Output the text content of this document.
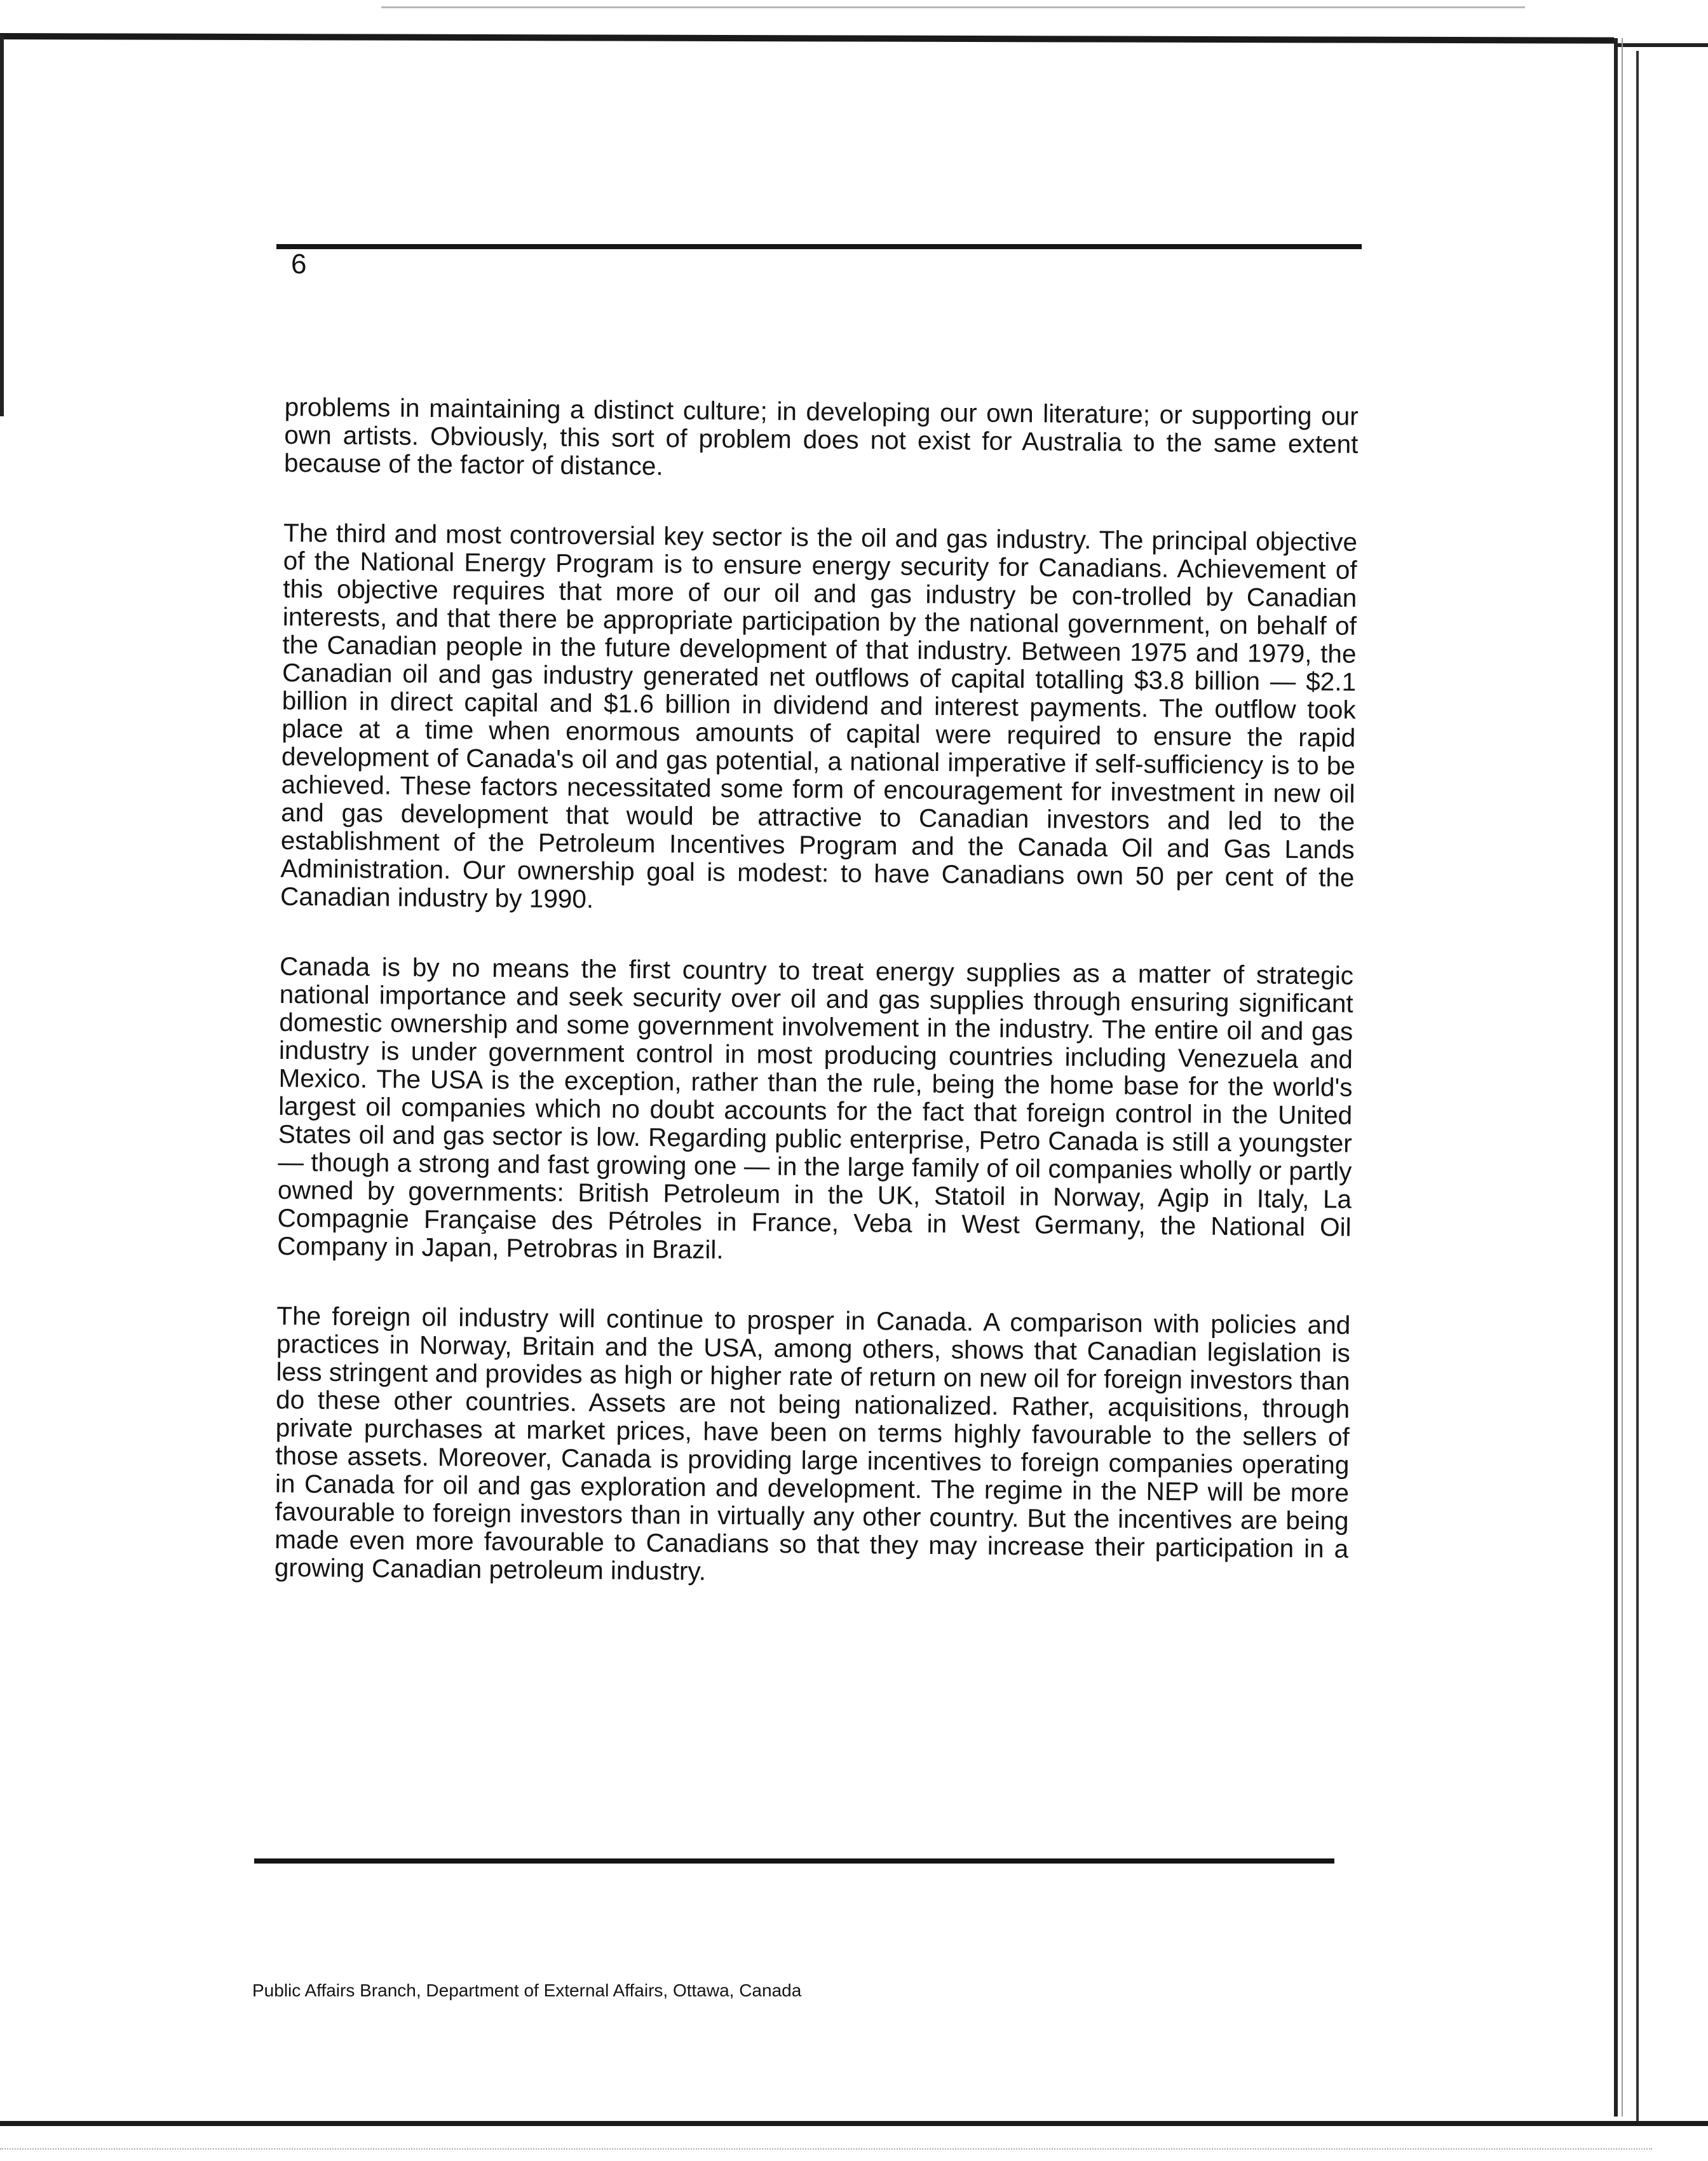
6

problems in maintaining a distinct culture; in developing our own literature; or supporting our own artists. Obviously, this sort of problem does not exist for Australia to the same extent because of the factor of distance.

The third and most controversial key sector is the oil and gas industry. The principal objective of the National Energy Program is to ensure energy security for Canadians. Achievement of this objective requires that more of our oil and gas industry be con-trolled by Canadian interests, and that there be appropriate participation by the national government, on behalf of the Canadian people in the future development of that industry. Between 1975 and 1979, the Canadian oil and gas industry generated net outflows of capital totalling $3.8 billion — $2.1 billion in direct capital and $1.6 billion in dividend and interest payments. The outflow took place at a time when enormous amounts of capital were required to ensure the rapid development of Canada's oil and gas potential, a national imperative if self-sufficiency is to be achieved. These factors necessitated some form of encouragement for investment in new oil and gas development that would be attractive to Canadian investors and led to the establishment of the Petroleum Incentives Program and the Canada Oil and Gas Lands Administration. Our ownership goal is modest: to have Canadians own 50 per cent of the Canadian industry by 1990.

Canada is by no means the first country to treat energy supplies as a matter of strategic national importance and seek security over oil and gas supplies through ensuring significant domestic ownership and some government involvement in the industry. The entire oil and gas industry is under government control in most producing countries including Venezuela and Mexico. The USA is the exception, rather than the rule, being the home base for the world's largest oil companies which no doubt accounts for the fact that foreign control in the United States oil and gas sector is low. Regarding public enterprise, Petro Canada is still a youngster — though a strong and fast growing one — in the large family of oil companies wholly or partly owned by governments: British Petroleum in the UK, Statoil in Norway, Agip in Italy, La Compagnie Française des Pétroles in France, Veba in West Germany, the National Oil Company in Japan, Petrobras in Brazil.

The foreign oil industry will continue to prosper in Canada. A comparison with policies and practices in Norway, Britain and the USA, among others, shows that Canadian legislation is less stringent and provides as high or higher rate of return on new oil for foreign investors than do these other countries. Assets are not being nationalized. Rather, acquisitions, through private purchases at market prices, have been on terms highly favourable to the sellers of those assets. Moreover, Canada is providing large incentives to foreign companies operating in Canada for oil and gas exploration and development. The regime in the NEP will be more favourable to foreign investors than in virtually any other country. But the incentives are being made even more favourable to Canadians so that they may increase their participation in a growing Canadian petroleum industry.

Public Affairs Branch, Department of External Affairs, Ottawa, Canada
